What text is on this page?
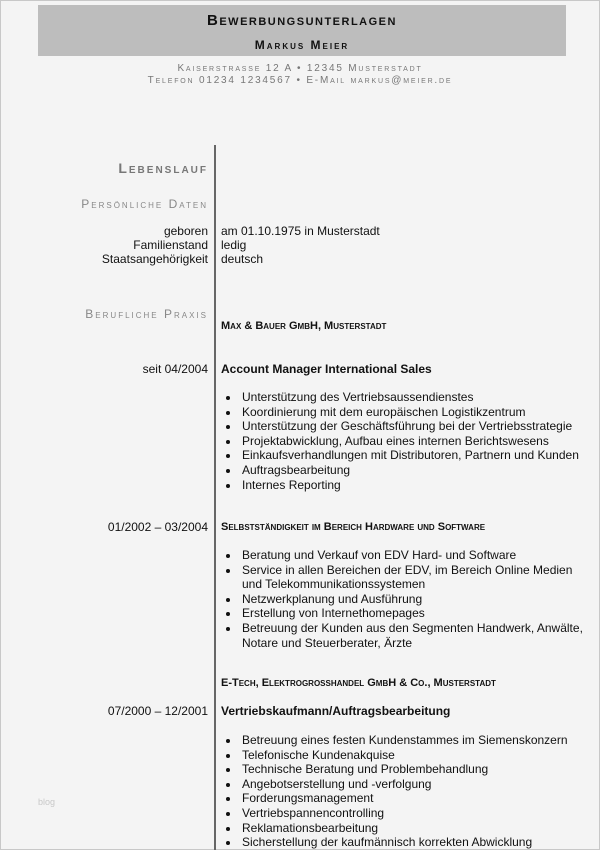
Bewerbungsunterlagen
Markus Meier
Kaiserstrasse 12 A • 12345 Musterstadt
Telefon 01234 1234567 • E-Mail markus@meier.de
Lebenslauf
Persönliche Daten
geboren
Familienstand
Staatsangehörigkeit
am 01.10.1975 in Musterstadt
ledig
deutsch
Berufliche Praxis
Max & Bauer GmbH, Musterstadt
seit 04/2004 Account Manager International Sales
Unterstützung des Vertriebsaussendienstes
Koordinierung mit dem europäischen Logistikzentrum
Unterstützung der Geschäftsführung bei der Vertriebsstrategie
Projektabwicklung, Aufbau eines internen Berichtswesens
Einkaufsverhandlungen mit Distributoren, Partnern und Kunden
Auftragsbearbeitung
Internes Reporting
01/2002 – 03/2004 Selbstständigkeit im Bereich Hardware und Software
Beratung und Verkauf von EDV Hard- und Software
Service in allen Bereichen der EDV, im Bereich Online Medien und Telekommunikationssystemen
Netzwerkplanung und Ausführung
Erstellung von Internethomepages
Betreuung der Kunden aus den Segmenten Handwerk, Anwälte, Notare und Steuerberater, Ärzte
E-Tech, Elektrogroßhandel GmbH & Co., Musterstadt
07/2000 – 12/2001 Vertriebskaufmann/Auftragsbearbeitung
Betreuung eines festen Kundenstammes im Siemenskonzern
Telefonische Kundenakquise
Technische Beratung und Problembehandlung
Angebotserstellung und -verfolgung
Forderungsmanagement
Vertriebspannencontrolling
Reklamationsbearbeitung
Sicherstellung der kaufmännisch korrekten Abwicklung
blog
